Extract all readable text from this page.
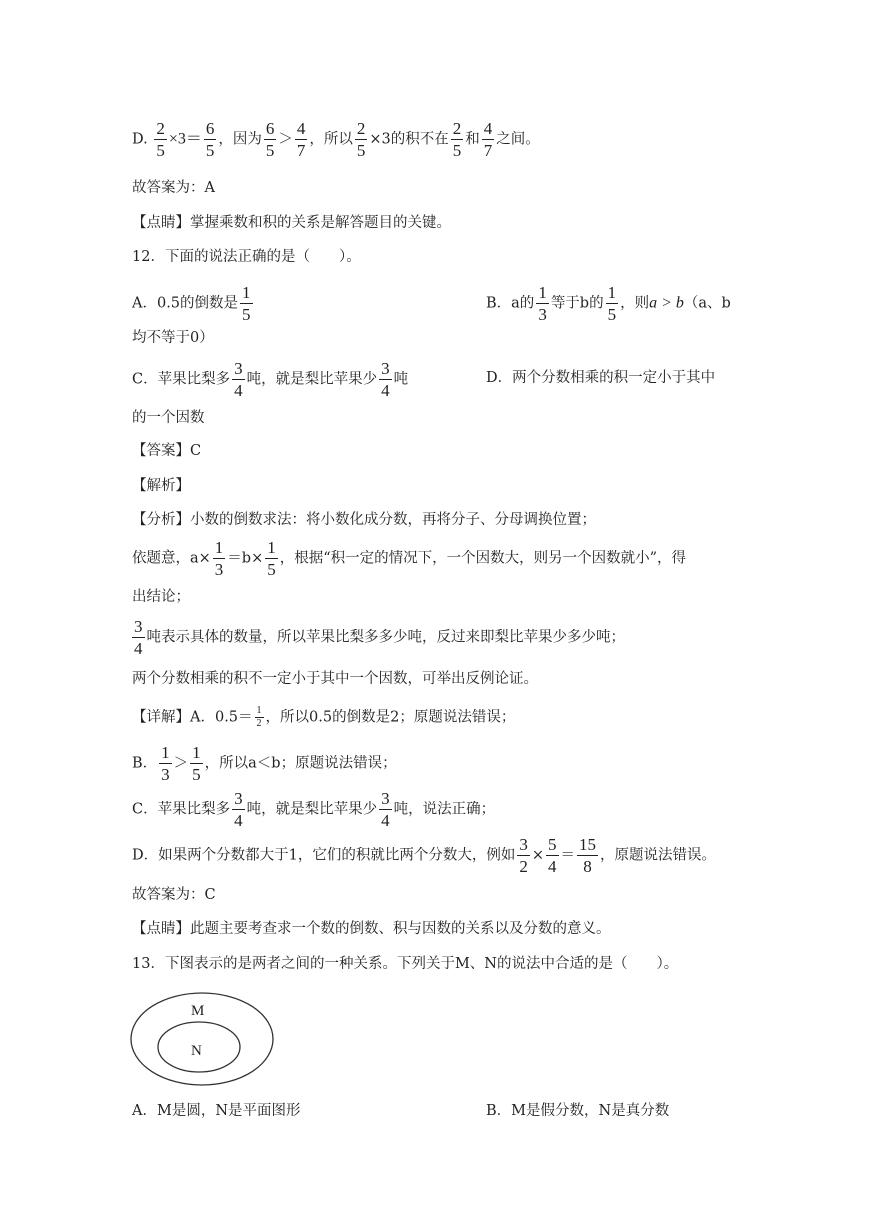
D. $\frac{2}{5} \times 3= \frac{6}{5}$ ，因为 $\frac{6}{5} > \frac{4}{7}$ ，所以 $\frac{2}{5} \times 3$的积不在 $\frac{2}{5}$ 和 $\frac{4}{7}$ 之间。
故答案为：A
【点睛】掌握乘数和积的关系是解答题目的关键。
12．下面的说法正确的是（　　）。
A．0.5的倒数是 $\frac{1}{5}$	B．a的 $\frac{1}{3}$ 等于b的 $\frac{1}{5}$ ，则a > b（a、b
均不等于0）
C．苹果比梨多 $\frac{3}{4}$ 吨，就是梨比苹果少 $\frac{3}{4}$ 吨	D．两个分数相乘的积一定小于其中
的一个因数
【答案】C
【解析】
【分析】小数的倒数求法：将小数化成分数，再将分子、分母调换位置；
依题意，$a\times \frac{1}{3} =b\times \frac{1}{5}$ ，根据“积一定的情况下，一个因数大，则另一个因数就小”，得
出结论；
$\frac{3}{4}$ 吨表示具体的数量，所以苹果比梨多多少吨，反过来即梨比苹果少多少吨；
两个分数相乘的积不一定小于其中一个因数，可举出反例论证。
【详解】A．$0.5= \frac{1}{2}$ ，所以0.5的倒数是2；原题说法错误；
B． $\frac{1}{3} > \frac{1}{5}$ ，所以a＜b；原题说法错误；
C．苹果比梨多 $\frac{3}{4}$ 吨，就是梨比苹果少 $\frac{3}{4}$ 吨，说法正确；
D．如果两个分数都大于1，它们的积就比两个分数大，例如 $\frac{3}{2} \times \frac{5}{4} = \frac{15}{8}$ ，原题说法错误。
故答案为：C
【点睛】此题主要考查求一个数的倒数、积与因数的关系以及分数的意义。
13．下图表示的是两者之间的一种关系。下列关于M、N的说法中合适的是（　　）。
M
N
A．M是圆，N是平面图形	B．M是假分数，N是真分数
